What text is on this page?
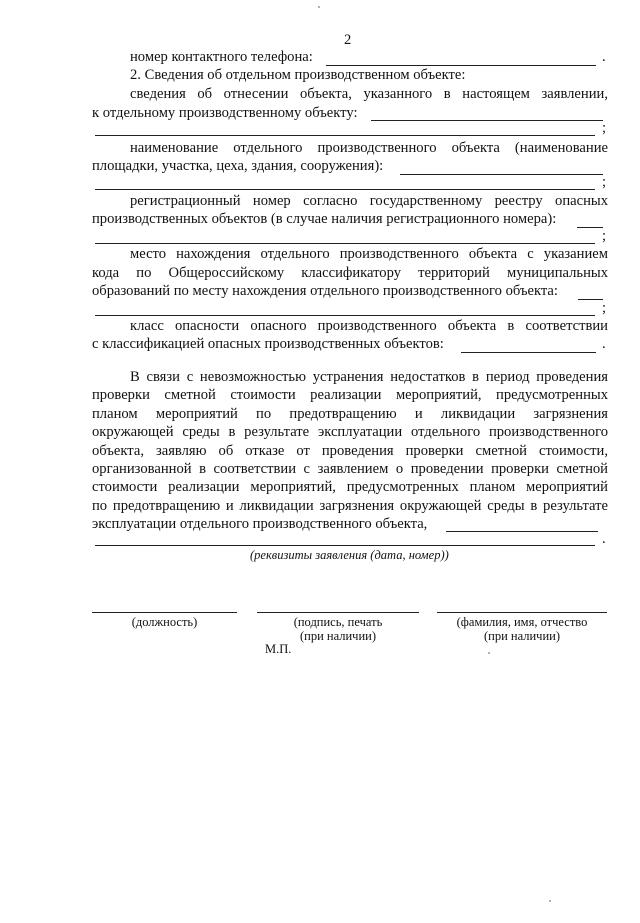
2
номер контактного телефона:	.
2. Сведения об отдельном производственном объекте:
сведения об отнесении объекта, указанного в настоящем заявлении,
к отдельному производственному объекту:
;
наименование отдельного производственного объекта (наименование
площадки, участка, цеха, здания, сооружения):
;
регистрационный номер согласно государственному реестру опасных
производственных объектов (в случае наличия регистрационного номера):
;
место нахождения отдельного производственного объекта с указанием
кода по Общероссийскому классификатору территорий муниципальных
образований по месту нахождения отдельного производственного объекта:
;
класс опасности опасного производственного объекта в соответствии
с классификацией опасных производственных объектов:	.
В связи с невозможностью устранения недостатков в период проведения
проверки сметной стоимости реализации мероприятий, предусмотренных
планом мероприятий по предотвращению и ликвидации загрязнения
окружающей среды в результате эксплуатации отдельного производственного
объекта, заявляю об отказе от проведения проверки сметной стоимости,
организованной в соответствии с заявлением о проведении проверки сметной
стоимости реализации мероприятий, предусмотренных планом мероприятий
по предотвращению и ликвидации загрязнения окружающей среды в результате
эксплуатации отдельного производственного объекта,
.
(реквизиты заявления (дата, номер))
(должность)	(подпись, печать
(при наличии)
(фамилия, имя, отчество
(при наличии)
М.П.
